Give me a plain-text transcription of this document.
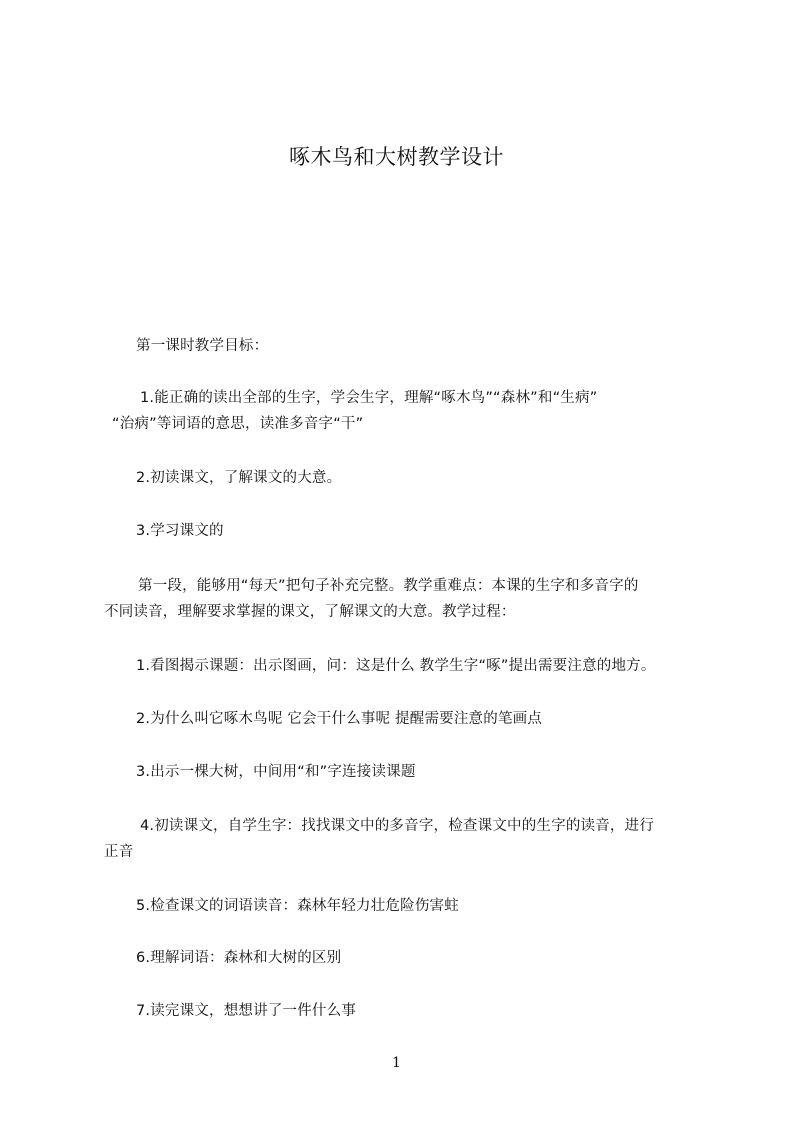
啄木鸟和大树教学设计
第一课时教学目标：
1.能正确的读出全部的生字，学会生字，理解“啄木鸟”“森林”和“生病”
“治病”等词语的意思，读准多音字“干”
2.初读课文，了解课文的大意。
3.学习课文的
第一段，能够用“每天”把句子补充完整。教学重难点：本课的生字和多音字的
不同读音，理解要求掌握的课文，了解课文的大意。教学过程：
1.看图揭示课题：出示图画，问：这是什么 教学生字“啄”提出需要注意的地方。
2.为什么叫它啄木鸟呢 它会干什么事呢 提醒需要注意的笔画点
3.出示一棵大树，中间用“和”字连接读课题
4.初读课文，自学生字：找找课文中的多音字，检查课文中的生字的读音，进行
正音
5.检查课文的词语读音：森林年轻力壮危险伤害蛀
6.理解词语：森林和大树的区别
7.读完课文，想想讲了一件什么事
1
